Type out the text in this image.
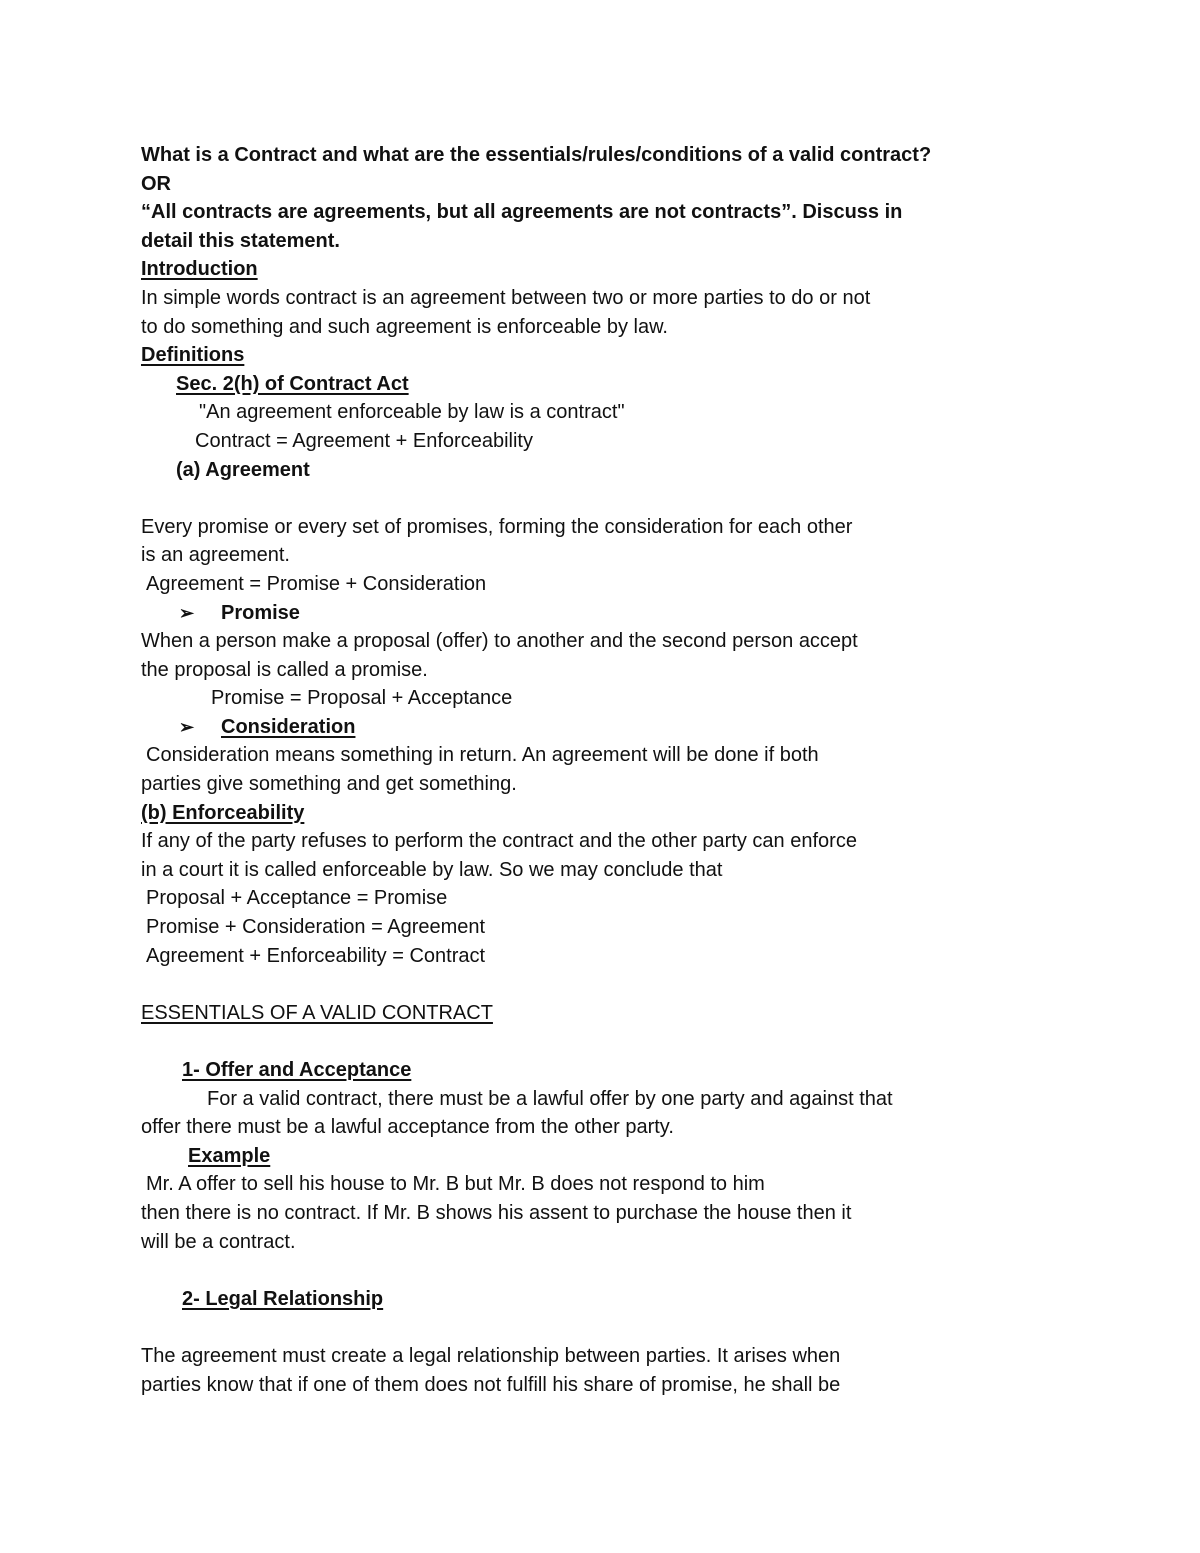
What is a Contract and what are the essentials/rules/conditions of a valid contract?
OR
“All contracts are agreements, but all agreements are not contracts”. Discuss in
detail this statement.
Introduction
In simple words contract is an agreement between two or more parties to do or not
to do something and such agreement is enforceable by law.
Definitions
Sec. 2(h) of Contract Act
"An agreement enforceable by law is a contract"
Contract = Agreement + Enforceability
(a) Agreement
Every promise or every set of promises, forming the consideration for each other
is an agreement.
Agreement = Promise + Consideration
➢ Promise
When a person make a proposal (offer) to another and the second person accept
the proposal is called a promise.
Promise = Proposal + Acceptance
➢ Consideration
Consideration means something in return. An agreement will be done if both
parties give something and get something.
(b) Enforceability
If any of the party refuses to perform the contract and the other party can enforce
in a court it is called enforceable by law. So we may conclude that
Proposal + Acceptance = Promise
Promise + Consideration = Agreement
Agreement + Enforceability = Contract
ESSENTIALS OF A VALID CONTRACT
1- Offer and Acceptance
For a valid contract, there must be a lawful offer by one party and against that
offer there must be a lawful acceptance from the other party.
Example
Mr. A offer to sell his house to Mr. B but Mr. B does not respond to him
then there is no contract. If Mr. B shows his assent to purchase the house then it
will be a contract.
2- Legal Relationship
The agreement must create a legal relationship between parties. It arises when
parties know that if one of them does not fulfill his share of promise, he shall be
